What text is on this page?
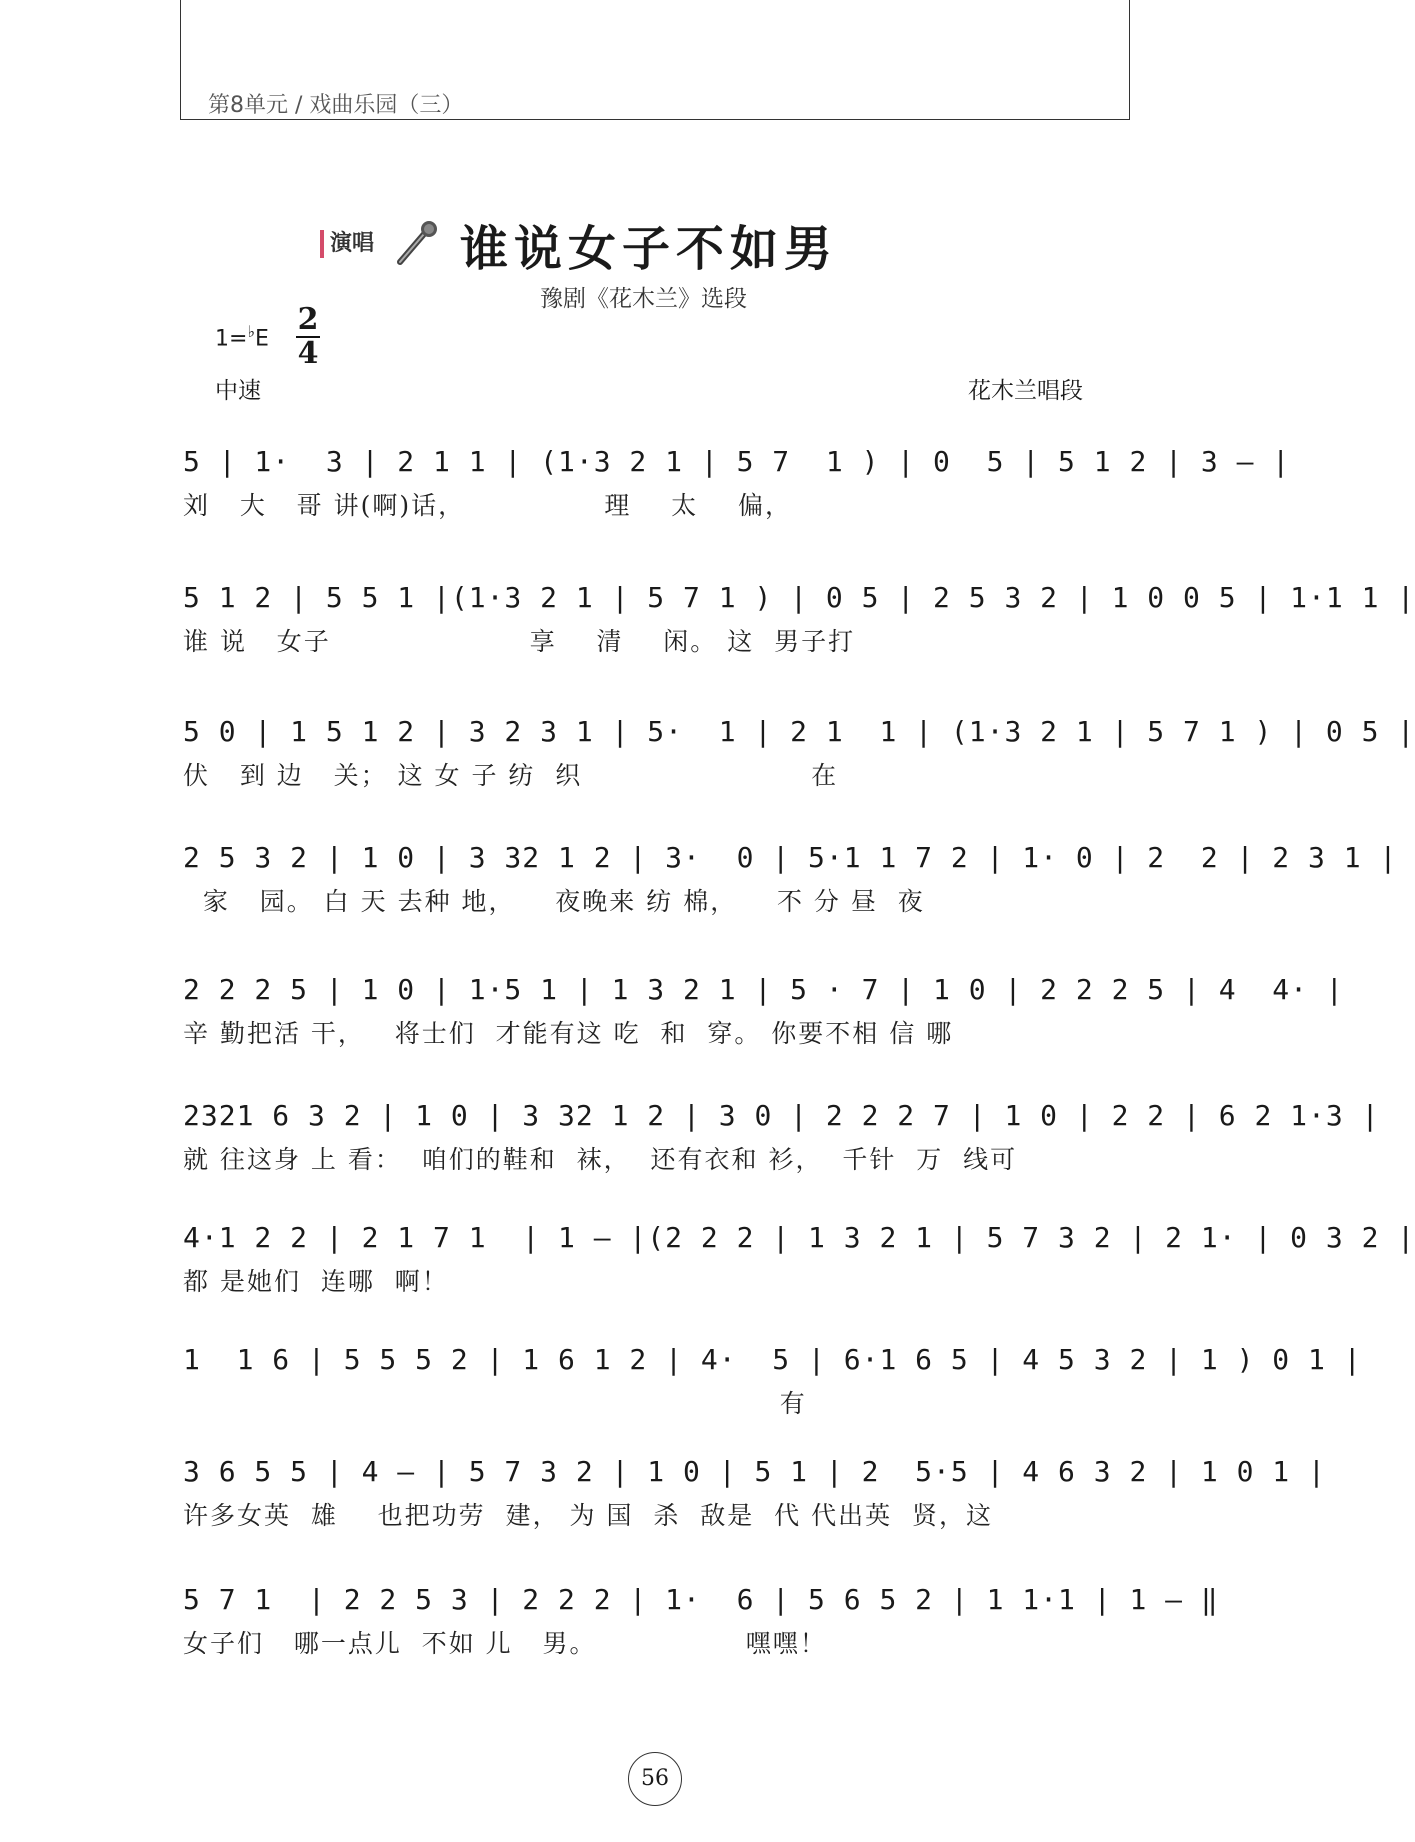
第8单元 / 戏曲乐园（三）
演唱 谁说女子不如男
豫剧《花木兰》选段
1=♭E
2
4
中速	花木兰唱段
5 | 1·  3 | 2 1 1 | (1·3 2 1 | 5 7  1 ) | 0  5 | 5 1 2 | 3 — |
刘   大   哥 讲(啊)话，              理    太    偏，
5 1 2 | 5 5 1 |(1·3 2 1 | 5 7 1 ) | 0 5 | 2 5 3 2 | 1 0 0 5 | 1·1 1 |
谁 说   女子                    享    清    闲。 这  男子打
5 0 | 1 5 1 2 | 3 2 3 1 | 5·  1 | 2 1  1 | (1·3 2 1 | 5 7 1 ) | 0 5 |
伏   到 边   关； 这 女 子 纺  织                       在
2 5 3 2 | 1 0 | 3 32 1 2 | 3·  0 | 5·1 1 7 2 | 1· 0 | 2  2 | 2 3 1 |
家   园。 白 天 去种 地，    夜晚来 纺 棉，    不 分 昼  夜
2 2 2 5 | 1 0 | 1·5 1 | 1 3 2 1 | 5 · 7 | 1 0 | 2 2 2 5 | 4  4· |
辛 勤把活 干，   将士们  才能有这 吃  和  穿。 你要不相 信 哪
2321 6 3 2 | 1 0 | 3 32 1 2 | 3 0 | 2 2 2 7 | 1 0 | 2 2 | 6 2 1·3 |
就 往这身 上 看：  咱们的鞋和  袜，  还有衣和 衫，  千针  万  线可
4·1 2 2 | 2 1 7 1  | 1 — |(2 2 2 | 1 3 2 1 | 5 7 3 2 | 2 1· | 0 3 2 |
都 是她们  连哪  啊！
1  1 6 | 5 5 5 2 | 1 6 1 2 | 4·  5 | 6·1 6 5 | 4 5 3 2 | 1 ) 0 1 |
有
3 6 5 5 | 4 — | 5 7 3 2 | 1 0 | 5 1 | 2  5·5 | 4 6 3 2 | 1 0 1 |
许多女英  雄    也把功劳  建， 为 国  杀  敌是  代 代出英  贤，这
5 7 1  | 2 2 5 3 | 2 2 2 | 1·  6 | 5 6 5 2 | 1 1·1 | 1 — ‖
女子们   哪一点儿  不如 儿   男。               嘿嘿！
56
